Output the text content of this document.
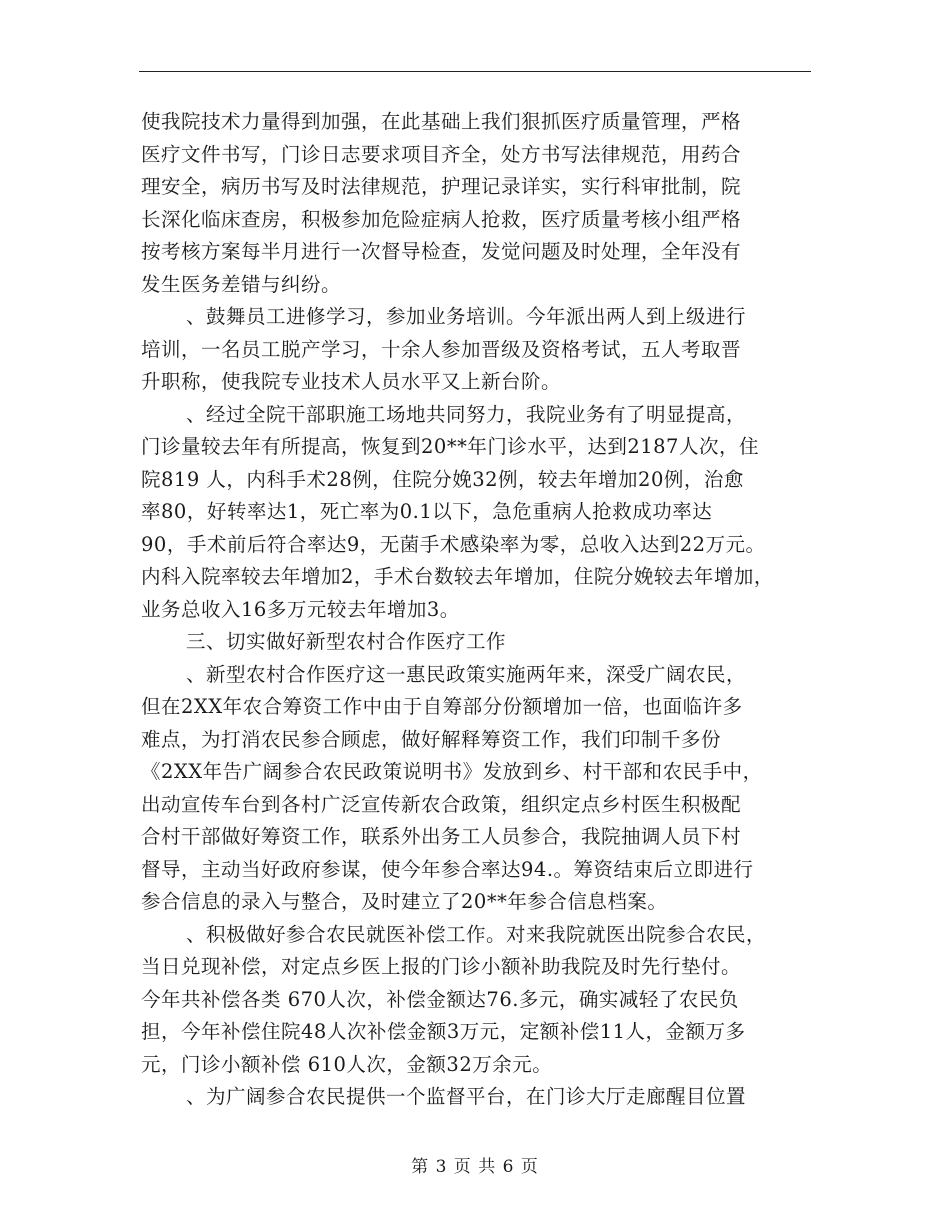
使我院技术力量得到加强，在此基础上我们狠抓医疗质量管理，严格
医疗文件书写，门诊日志要求项目齐全，处方书写法律规范，用药合
理安全，病历书写及时法律规范，护理记录详实，实行科审批制，院
长深化临床查房，积极参加危险症病人抢救，医疗质量考核小组严格
按考核方案每半月进行一次督导检查，发觉问题及时处理，全年没有
发生医务差错与纠纷。
、鼓舞员工进修学习，参加业务培训。今年派出两人到上级进行
培训，一名员工脱产学习，十余人参加晋级及资格考试，五人考取晋
升职称，使我院专业技术人员水平又上新台阶。
、经过全院干部职施工场地共同努力，我院业务有了明显提高，
门诊量较去年有所提高，恢复到20**年门诊水平，达到2187人次，住
院819 人，内科手术28例，住院分娩32例，较去年增加20例，治愈
率80，好转率达1，死亡率为0.1以下，急危重病人抢救成功率达
90，手术前后符合率达9，无菌手术感染率为零，总收入达到22万元。
内科入院率较去年增加2，手术台数较去年增加，住院分娩较去年增加，
业务总收入16多万元较去年增加3。
三、切实做好新型农村合作医疗工作
、新型农村合作医疗这一惠民政策实施两年来，深受广阔农民，
但在2XX年农合筹资工作中由于自筹部分份额增加一倍，也面临许多
难点，为打消农民参合顾虑，做好解释筹资工作，我们印制千多份
《2XX年告广阔参合农民政策说明书》发放到乡、村干部和农民手中，
出动宣传车台到各村广泛宣传新农合政策，组织定点乡村医生积极配
合村干部做好筹资工作，联系外出务工人员参合，我院抽调人员下村
督导，主动当好政府参谋，使今年参合率达94.。筹资结束后立即进行
参合信息的录入与整合，及时建立了20**年参合信息档案。
、积极做好参合农民就医补偿工作。对来我院就医出院参合农民，
当日兑现补偿，对定点乡医上报的门诊小额补助我院及时先行垫付。
今年共补偿各类 670人次，补偿金额达76.多元，确实减轻了农民负
担，今年补偿住院48人次补偿金额3万元，定额补偿11人，金额万多
元，门诊小额补偿 610人次，金额32万余元。
、为广阔参合农民提供一个监督平台，在门诊大厅走廊醒目位置
第 3 页 共 6 页
